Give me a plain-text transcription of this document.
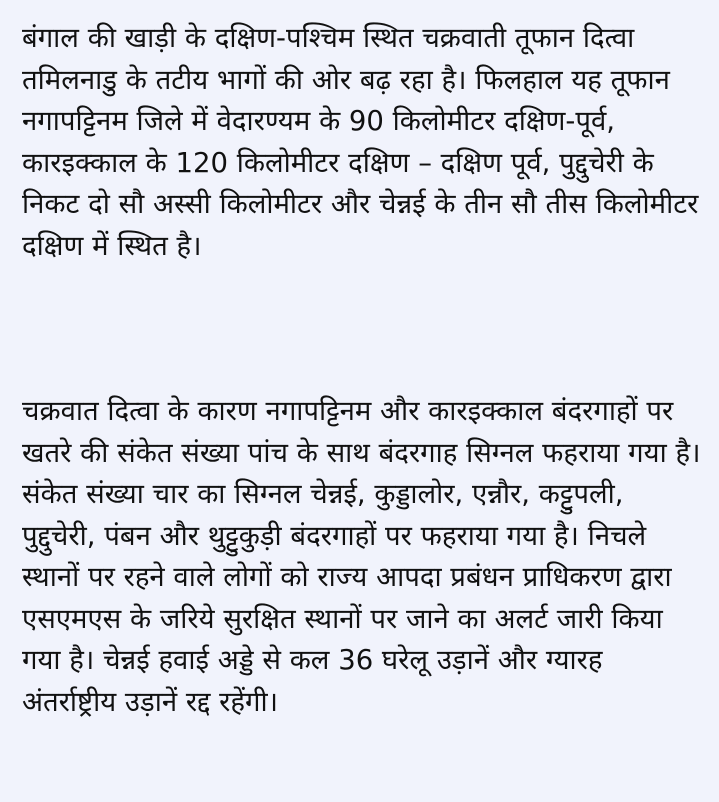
बंगाल की खाड़ी के दक्षिण-पश्चिम स्थित चक्रवाती तूफान दित्वा तमिलनाडु के तटीय भागों की ओर बढ़ रहा है। फिलहाल यह तूफान नगापट्टिनम जिले में वेदारण्यम के 90 किलोमीटर दक्षिण-पूर्व, कारइक्काल के 120 किलोमीटर दक्षिण – दक्षिण पूर्व, पुद्दुचेरी के निकट दो सौ अस्सी किलोमीटर और चेन्नई के तीन सौ तीस किलोमीटर दक्षिण में स्थित है।

चक्रवात दित्वा के कारण नगापट्टिनम और कारइक्काल बंदरगाहों पर खतरे की संकेत संख्या पांच के साथ बंदरगाह सिग्नल फहराया गया है। संकेत संख्या चार का सिग्नल चेन्नई, कुड्डालोर, एन्नौर, कट्टुपली, पुद्दुचेरी, पंबन और थुट्टुकुड़ी बंदरगाहों पर फहराया गया है। निचले स्थानों पर रहने वाले लोगों को राज्य आपदा प्रबंधन प्राधिकरण द्वारा एसएमएस के जरिये सुरक्षित स्थानों पर जाने का अलर्ट जारी किया गया है। चेन्नई हवाई अड्डे से कल 36 घरेलू उड़ानें और ग्यारह अंतर्राष्ट्रीय उड़ानें रद्द रहेंगी।
